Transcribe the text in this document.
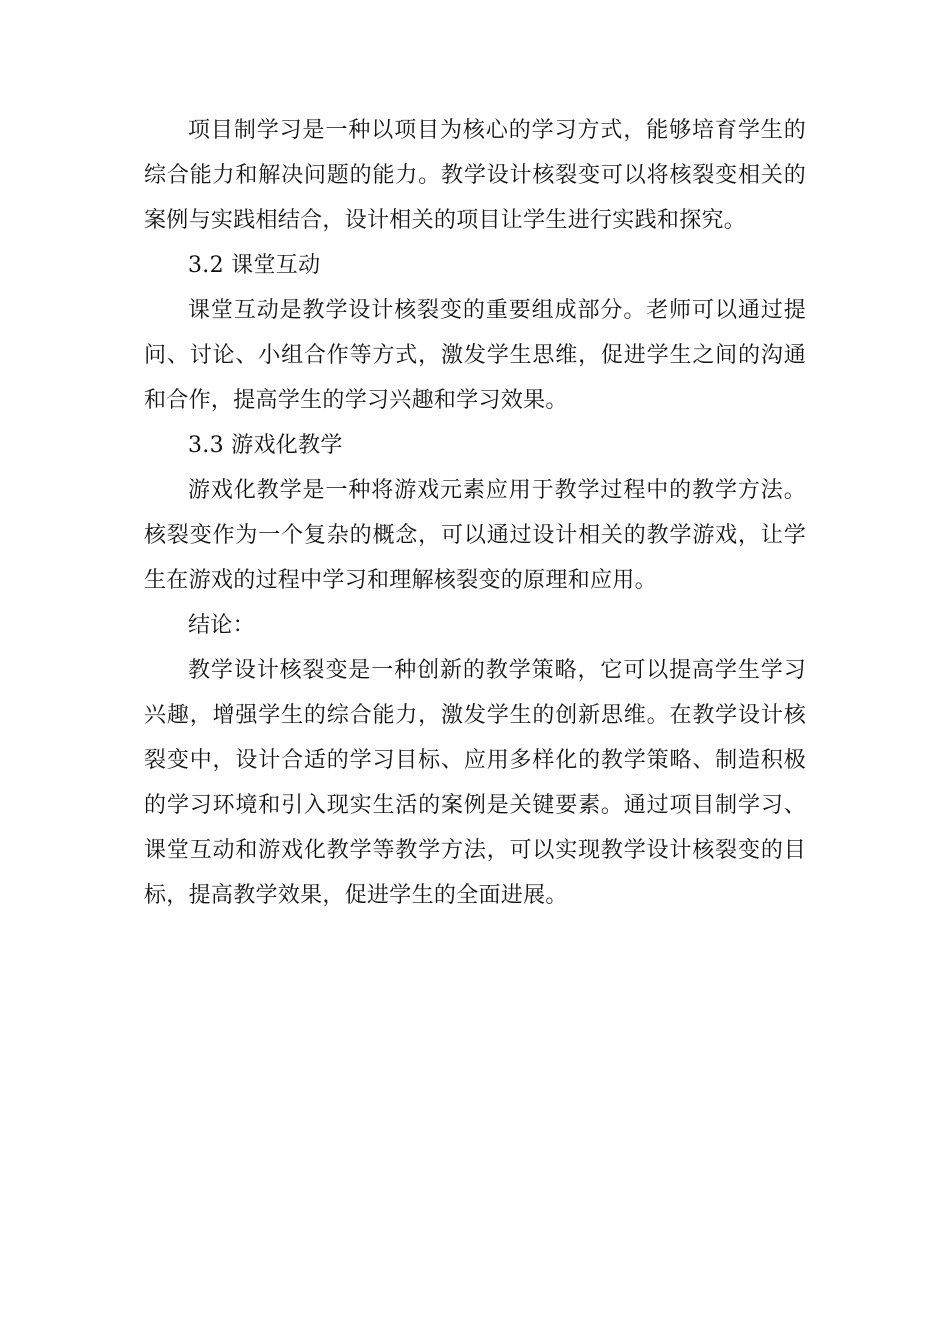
项目制学习是一种以项目为核心的学习方式，能够培育学生的综合能力和解决问题的能力。教学设计核裂变可以将核裂变相关的案例与实践相结合，设计相关的项目让学生进行实践和探究。

3.2 课堂互动

课堂互动是教学设计核裂变的重要组成部分。老师可以通过提问、讨论、小组合作等方式，激发学生思维，促进学生之间的沟通和合作，提高学生的学习兴趣和学习效果。

3.3 游戏化教学

游戏化教学是一种将游戏元素应用于教学过程中的教学方法。核裂变作为一个复杂的概念，可以通过设计相关的教学游戏，让学生在游戏的过程中学习和理解核裂变的原理和应用。

结论：

教学设计核裂变是一种创新的教学策略，它可以提高学生学习兴趣，增强学生的综合能力，激发学生的创新思维。在教学设计核裂变中，设计合适的学习目标、应用多样化的教学策略、制造积极的学习环境和引入现实生活的案例是关键要素。通过项目制学习、课堂互动和游戏化教学等教学方法，可以实现教学设计核裂变的目标，提高教学效果，促进学生的全面进展。
